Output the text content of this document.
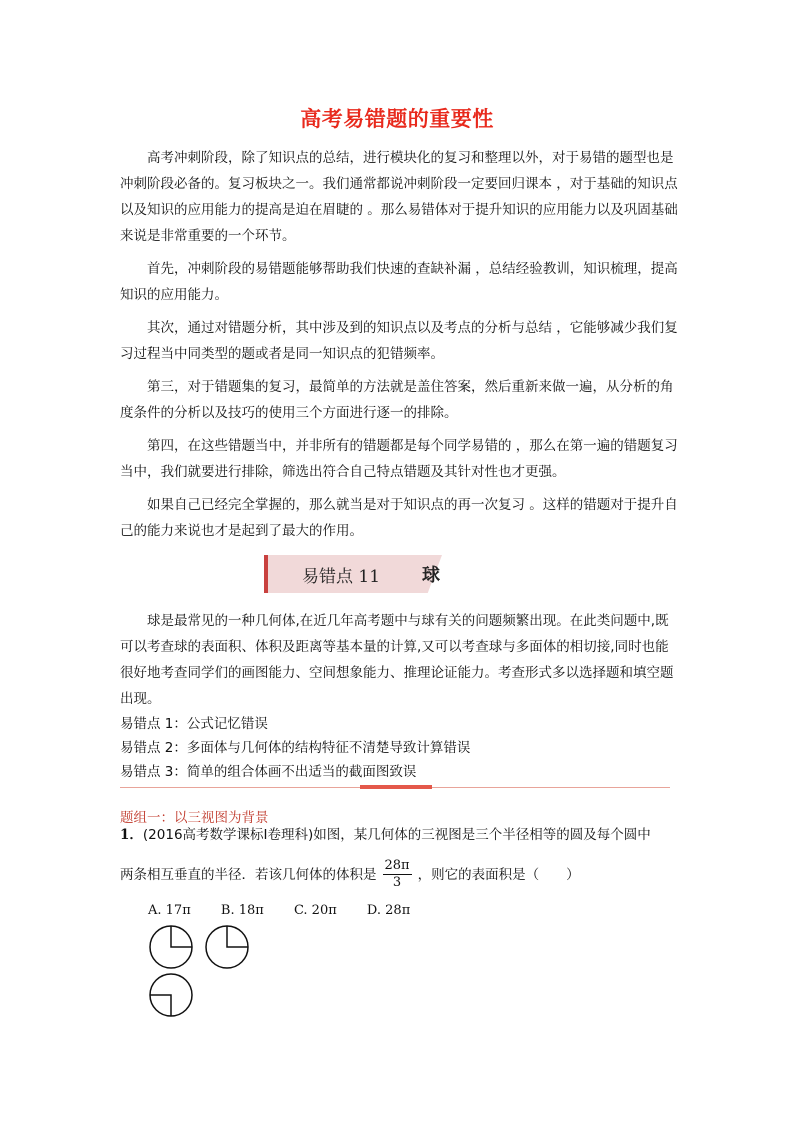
高考易错题的重要性

高考冲刺阶段，除了知识点的总结，进行模块化的复习和整理以外，对于易错的题型也是冲刺阶段必备的。复习板块之一。我们通常都说冲刺阶段一定要回归课本 ，对于基础的知识点以及知识的应用能力的提高是迫在眉睫的 。那么易错体对于提升知识的应用能力以及巩固基础来说是非常重要的一个环节。

首先，冲刺阶段的易错题能够帮助我们快速的查缺补漏 ，总结经验教训，知识梳理，提高知识的应用能力。

其次，通过对错题分析，其中涉及到的知识点以及考点的分析与总结 ，它能够减少我们复习过程当中同类型的题或者是同一知识点的犯错频率。

第三，对于错题集的复习，最简单的方法就是盖住答案，然后重新来做一遍，从分析的角度条件的分析以及技巧的使用三个方面进行逐一的排除。

第四，在这些错题当中，并非所有的错题都是每个同学易错的 ，那么在第一遍的错题复习当中，我们就要进行排除，筛选出符合自己特点错题及其针对性也才更强。

如果自己已经完全掌握的，那么就当是对于知识点的再一次复习 。这样的错题对于提升自己的能力来说也才是起到了最大的作用。

易错点 11 球

球是最常见的一种几何体,在近几年高考题中与球有关的问题频繁出现。在此类问题中,既可以考查球的表面积、体积及距离等基本量的计算,又可以考查球与多面体的相切接,同时也能很好地考查同学们的画图能力、空间想象能力、推理论证能力。考查形式多以选择题和填空题出现。

易错点 1：公式记忆错误

易错点 2：多面体与几何体的结构特征不清楚导致计算错误

易错点 3：简单的组合体画不出适当的截面图致误

题组一：以三视图为背景

1．(2016高考数学课标Ⅰ卷理科)如图，某几何体的三视图是三个半径相等的圆及每个圆中

两条相互垂直的半径．若该几何体的体积是 $\frac{28\pi}{3}$ ，则它的表面积是（　　）

A. 17π B. 18π C. 20π D. 28π
